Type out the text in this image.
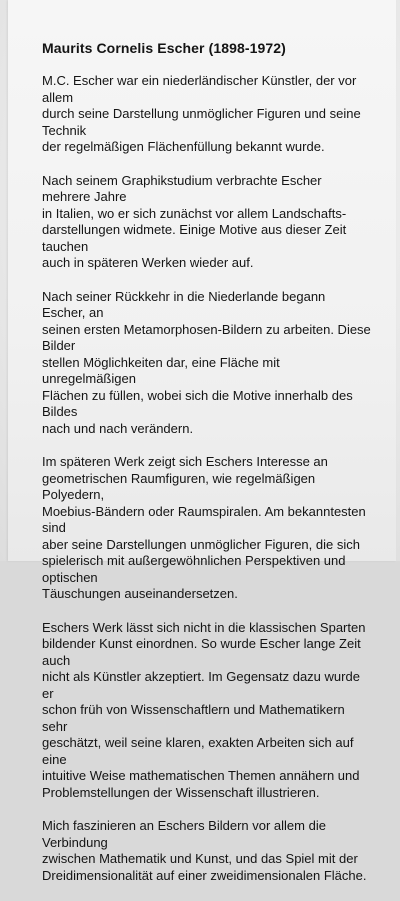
Maurits Cornelis Escher (1898-1972)

M.C. Escher war ein niederländischer Künstler, der vor allem
durch seine Darstellung unmöglicher Figuren und seine Technik
der regelmäßigen Flächenfüllung bekannt wurde.

Nach seinem Graphikstudium verbrachte Escher mehrere Jahre
in Italien, wo er sich zunächst vor allem Landschafts-
darstellungen widmete. Einige Motive aus dieser Zeit tauchen
auch in späteren Werken wieder auf.

Nach seiner Rückkehr in die Niederlande begann Escher, an
seinen ersten Metamorphosen-Bildern zu arbeiten. Diese Bilder
stellen Möglichkeiten dar, eine Fläche mit unregelmäßigen
Flächen zu füllen, wobei sich die Motive innerhalb des Bildes
nach und nach verändern.

Im späteren Werk zeigt sich Eschers Interesse an
geometrischen Raumfiguren, wie regelmäßigen Polyedern,
Moebius-Bändern oder Raumspiralen. Am bekanntesten sind
aber seine Darstellungen unmöglicher Figuren, die sich
spielerisch mit außergewöhnlichen Perspektiven und optischen
Täuschungen auseinandersetzen.

Eschers Werk lässt sich nicht in die klassischen Sparten
bildender Kunst einordnen. So wurde Escher lange Zeit auch
nicht als Künstler akzeptiert. Im Gegensatz dazu wurde er
schon früh von Wissenschaftlern und Mathematikern sehr
geschätzt, weil seine klaren, exakten Arbeiten sich auf eine
intuitive Weise mathematischen Themen annähern und
Problemstellungen der Wissenschaft illustrieren.

Mich faszinieren an Eschers Bildern vor allem die Verbindung
zwischen Mathematik und Kunst, und das Spiel mit der
Dreidimensionalität auf einer zweidimensionalen Fläche.
